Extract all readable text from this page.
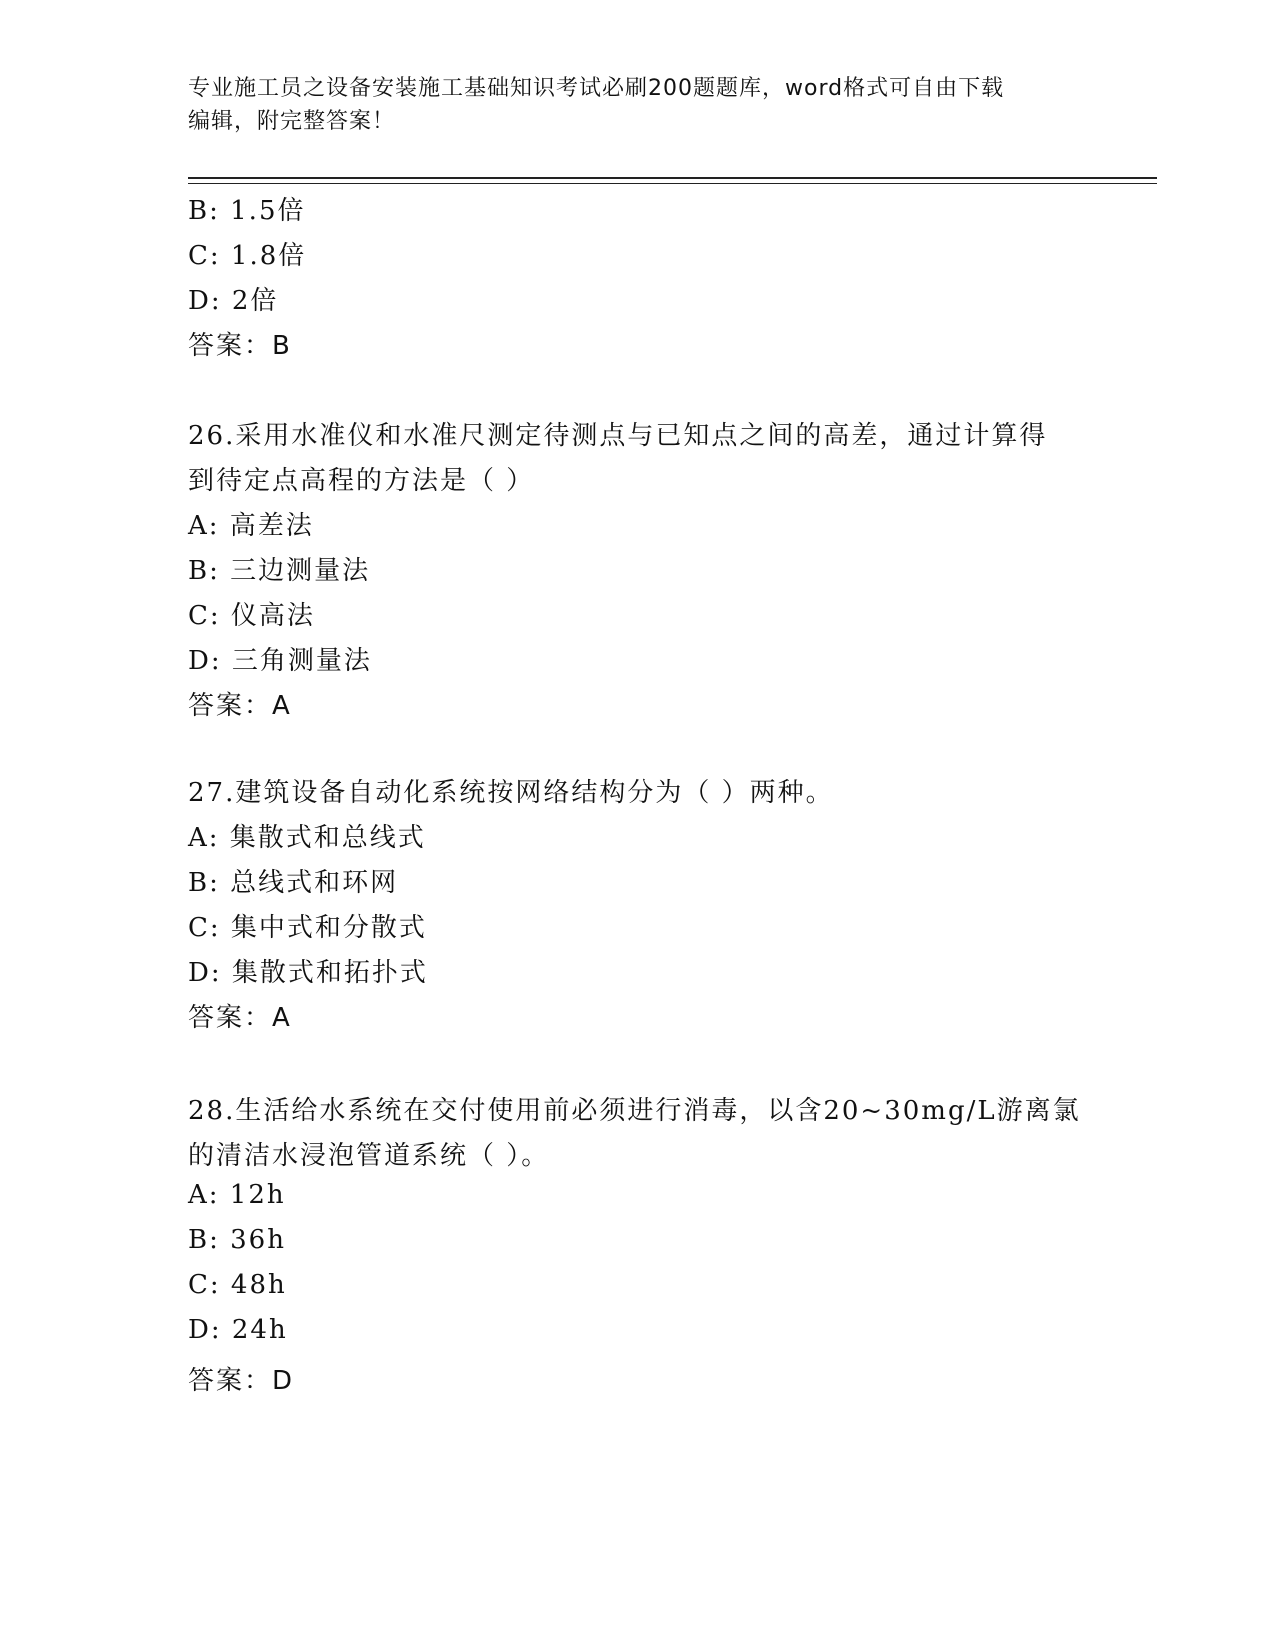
专业施工员之设备安装施工基础知识考试必刷200题题库，word格式可自由下载
编辑，附完整答案！
B: 1.5倍
C: 1.8倍
D: 2倍
答案：B
26.采用水准仪和水准尺测定待测点与已知点之间的高差，通过计算得
到待定点高程的方法是（ ）
A: 高差法
B: 三边测量法
C: 仪高法
D: 三角测量法
答案：A
27.建筑设备自动化系统按网络结构分为（ ）两种。
A: 集散式和总线式
B: 总线式和环网
C: 集中式和分散式
D: 集散式和拓扑式
答案：A
28.生活给水系统在交付使用前必须进行消毒，以含20~30mg/L游离氯
的清洁水浸泡管道系统（ ）。
A: 12h
B: 36h
C: 48h
D: 24h
答案：D
